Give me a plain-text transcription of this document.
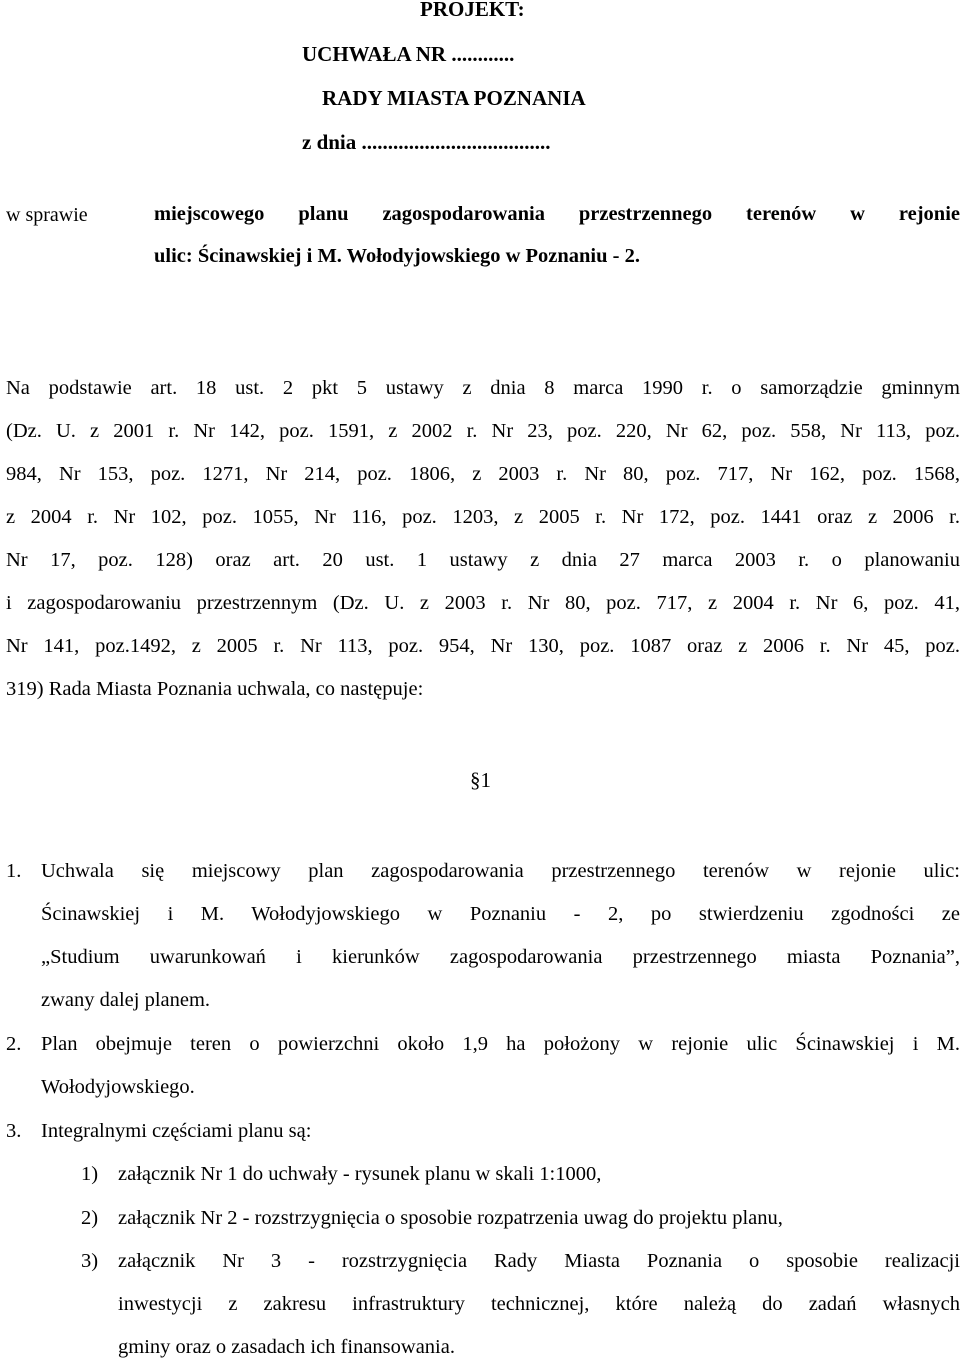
PROJEKT:
UCHWAŁA NR ............
RADY MIASTA POZNANIA
z dnia ....................................
w sprawie	miejscowego planu zagospodarowania przestrzennego terenów w rejonie
ulic: Ścinawskiej i M. Wołodyjowskiego w Poznaniu - 2.
Na podstawie art. 18 ust. 2 pkt 5 ustawy z dnia 8 marca 1990 r. o samorządzie gminnym
(Dz. U. z 2001 r. Nr 142, poz. 1591, z 2002 r. Nr 23, poz. 220, Nr 62, poz. 558, Nr 113, poz.
984, Nr 153, poz. 1271, Nr 214, poz. 1806, z 2003 r. Nr 80, poz. 717, Nr 162, poz. 1568,
z 2004 r. Nr 102, poz. 1055, Nr 116, poz. 1203, z 2005 r. Nr 172, poz. 1441 oraz z 2006 r.
Nr 17, poz. 128) oraz art. 20 ust. 1 ustawy z dnia 27 marca 2003 r. o planowaniu
i zagospodarowaniu przestrzennym (Dz. U. z 2003 r. Nr 80, poz. 717, z 2004 r. Nr 6, poz. 41,
Nr 141, poz.1492, z 2005 r. Nr 113, poz. 954, Nr 130, poz. 1087 oraz z 2006 r. Nr 45, poz.
319) Rada Miasta Poznania uchwala, co następuje:
§1
1. Uchwala się miejscowy plan zagospodarowania przestrzennego terenów w rejonie ulic:
Ścinawskiej i M. Wołodyjowskiego w Poznaniu - 2, po stwierdzeniu zgodności ze
„Studium uwarunkowań i kierunków zagospodarowania przestrzennego miasta Poznania”,
zwany dalej planem.
2. Plan obejmuje teren o powierzchni około 1,9 ha położony w rejonie ulic Ścinawskiej i M.
Wołodyjowskiego.
3. Integralnymi częściami planu są:
1) załącznik Nr 1 do uchwały - rysunek planu w skali 1:1000,
2) załącznik Nr 2 - rozstrzygnięcia o sposobie rozpatrzenia uwag do projektu planu,
3) załącznik Nr 3 - rozstrzygnięcia Rady Miasta Poznania o sposobie realizacji
inwestycji z zakresu infrastruktury technicznej, które należą do zadań własnych
gminy oraz o zasadach ich finansowania.
